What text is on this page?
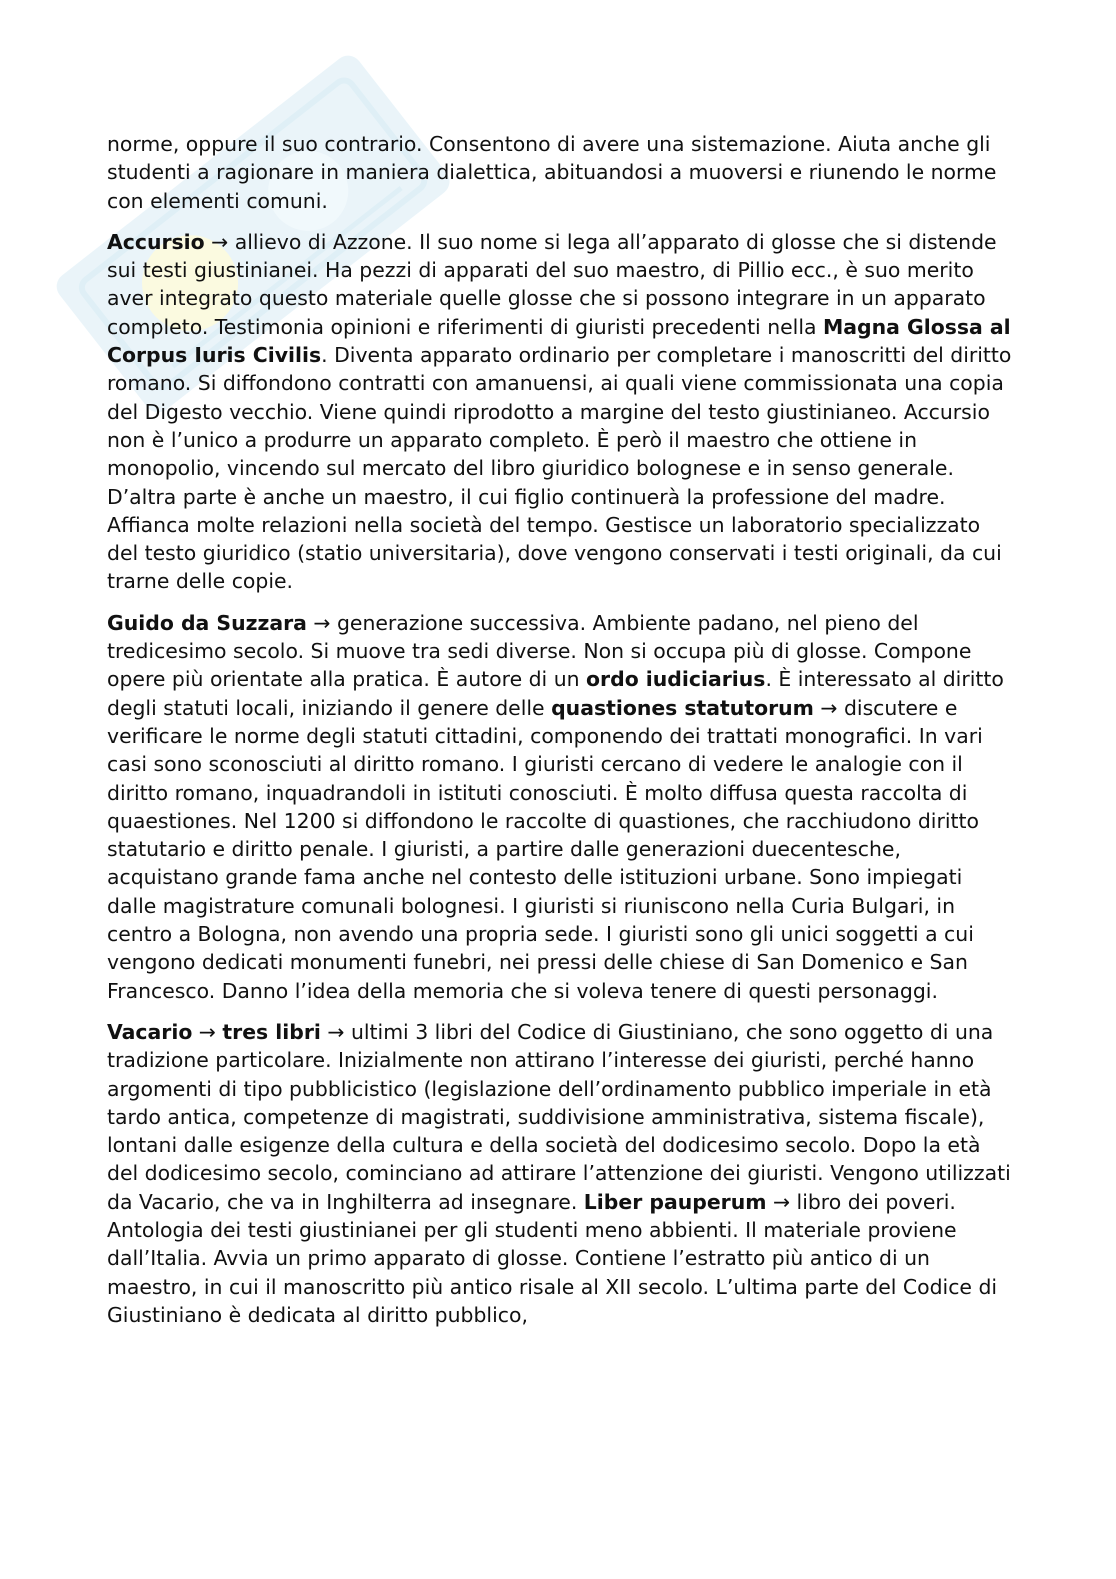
norme, oppure il suo contrario. Consentono di avere una sistemazione. Aiuta anche gli studenti a ragionare in maniera dialettica, abituandosi a muoversi e riunendo le norme con elementi comuni.

Accursio → allievo di Azzone. Il suo nome si lega all’apparato di glosse che si distende sui testi giustinianei. Ha pezzi di apparati del suo maestro, di Pillio ecc., è suo merito aver integrato questo materiale quelle glosse che si possono integrare in un apparato completo. Testimonia opinioni e riferimenti di giuristi precedenti nella Magna Glossa al Corpus Iuris Civilis. Diventa apparato ordinario per completare i manoscritti del diritto romano. Si diffondono contratti con amanuensi, ai quali viene commissionata una copia del Digesto vecchio. Viene quindi riprodotto a margine del testo giustinianeo. Accursio non è l’unico a produrre un apparato completo. È però il maestro che ottiene in monopolio, vincendo sul mercato del libro giuridico bolognese e in senso generale. D’altra parte è anche un maestro, il cui figlio continuerà la professione del madre. Affianca molte relazioni nella società del tempo. Gestisce un laboratorio specializzato del testo giuridico (statio universitaria), dove vengono conservati i testi originali, da cui trarne delle copie.

Guido da Suzzara → generazione successiva. Ambiente padano, nel pieno del tredicesimo secolo. Si muove tra sedi diverse. Non si occupa più di glosse. Compone opere più orientate alla pratica. È autore di un ordo iudiciarius. È interessato al diritto degli statuti locali, iniziando il genere delle quastiones statutorum → discutere e verificare le norme degli statuti cittadini, componendo dei trattati monografici. In vari casi sono sconosciuti al diritto romano. I giuristi cercano di vedere le analogie con il diritto romano, inquadrandoli in istituti conosciuti. È molto diffusa questa raccolta di quaestiones. Nel 1200 si diffondono le raccolte di quastiones, che racchiudono diritto statutario e diritto penale. I giuristi, a partire dalle generazioni duecentesche, acquistano grande fama anche nel contesto delle istituzioni urbane. Sono impiegati dalle magistrature comunali bolognesi. I giuristi si riuniscono nella Curia Bulgari, in centro a Bologna, non avendo una propria sede. I giuristi sono gli unici soggetti a cui vengono dedicati monumenti funebri, nei pressi delle chiese di San Domenico e San Francesco. Danno l’idea della memoria che si voleva tenere di questi personaggi.

Vacario → tres libri → ultimi 3 libri del Codice di Giustiniano, che sono oggetto di una tradizione particolare. Inizialmente non attirano l’interesse dei giuristi, perché hanno argomenti di tipo pubblicistico (legislazione dell’ordinamento pubblico imperiale in età tardo antica, competenze di magistrati, suddivisione amministrativa, sistema fiscale), lontani dalle esigenze della cultura e della società del dodicesimo secolo. Dopo la età del dodicesimo secolo, cominciano ad attirare l’attenzione dei giuristi. Vengono utilizzati da Vacario, che va in Inghilterra ad insegnare. Liber pauperum → libro dei poveri. Antologia dei testi giustinianei per gli studenti meno abbienti. Il materiale proviene dall’Italia. Avvia un primo apparato di glosse. Contiene l’estratto più antico di un maestro, in cui il manoscritto più antico risale al XII secolo. L’ultima parte del Codice di Giustiniano è dedicata al diritto pubblico,
